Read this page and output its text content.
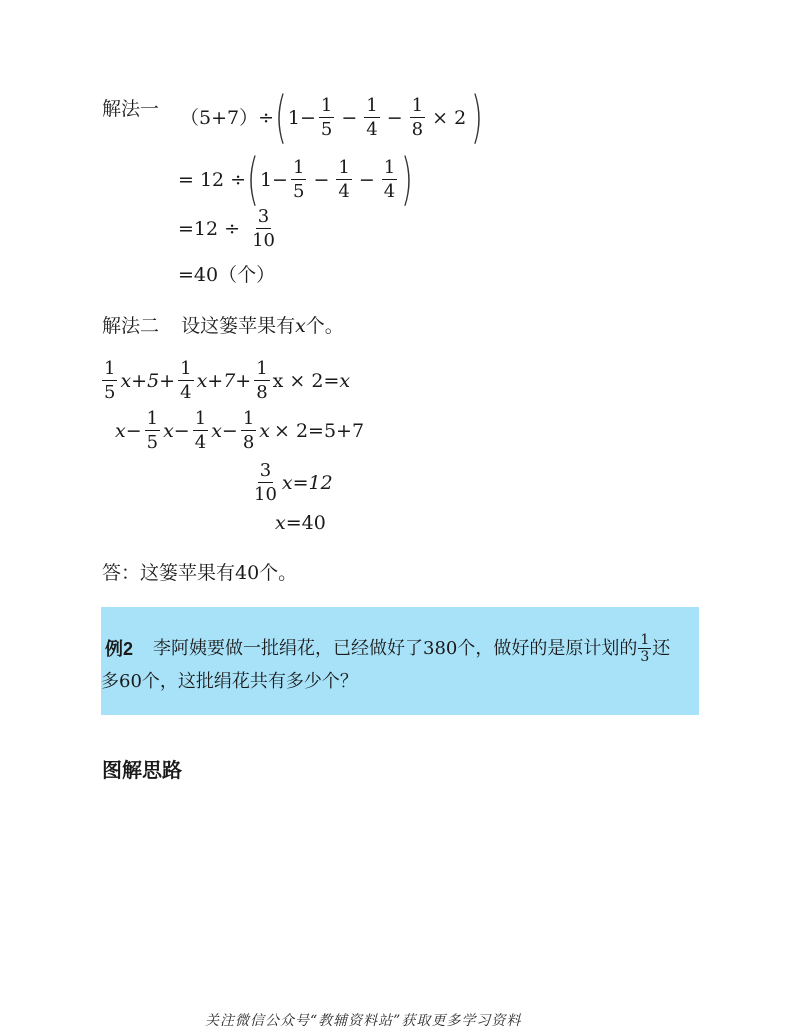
解法一 （5+7）÷ ( $1- \frac{1}{5} - \frac{1}{4} - \frac{1}{8} \times 2$ )
= 12 ÷ ( $1- \frac{1}{5} - \frac{1}{4} - \frac{1}{4}$ )
$=12 \div \frac{3}{10}$
=40（个）
解法二 设这篓苹果有x个。
$\frac{1}{5} x+5+ \frac{1}{4} x+7+ \frac{1}{8}$ x × 2= x
$x - \frac{1}{5} x- \frac{1}{4} x- \frac{1}{8}$ x × 2=5+7
$\frac{3}{10} x=12$
x=40
答：这篓苹果有40个。
例2 李阿姨要做一批绢花，已经做好了380个，做好的是原计划的 $\frac{1}{3}$ 还
多60个，这批绢花共有多少个？
图解思路
关注微信公众号“教辅资料站”获取更多学习资料
